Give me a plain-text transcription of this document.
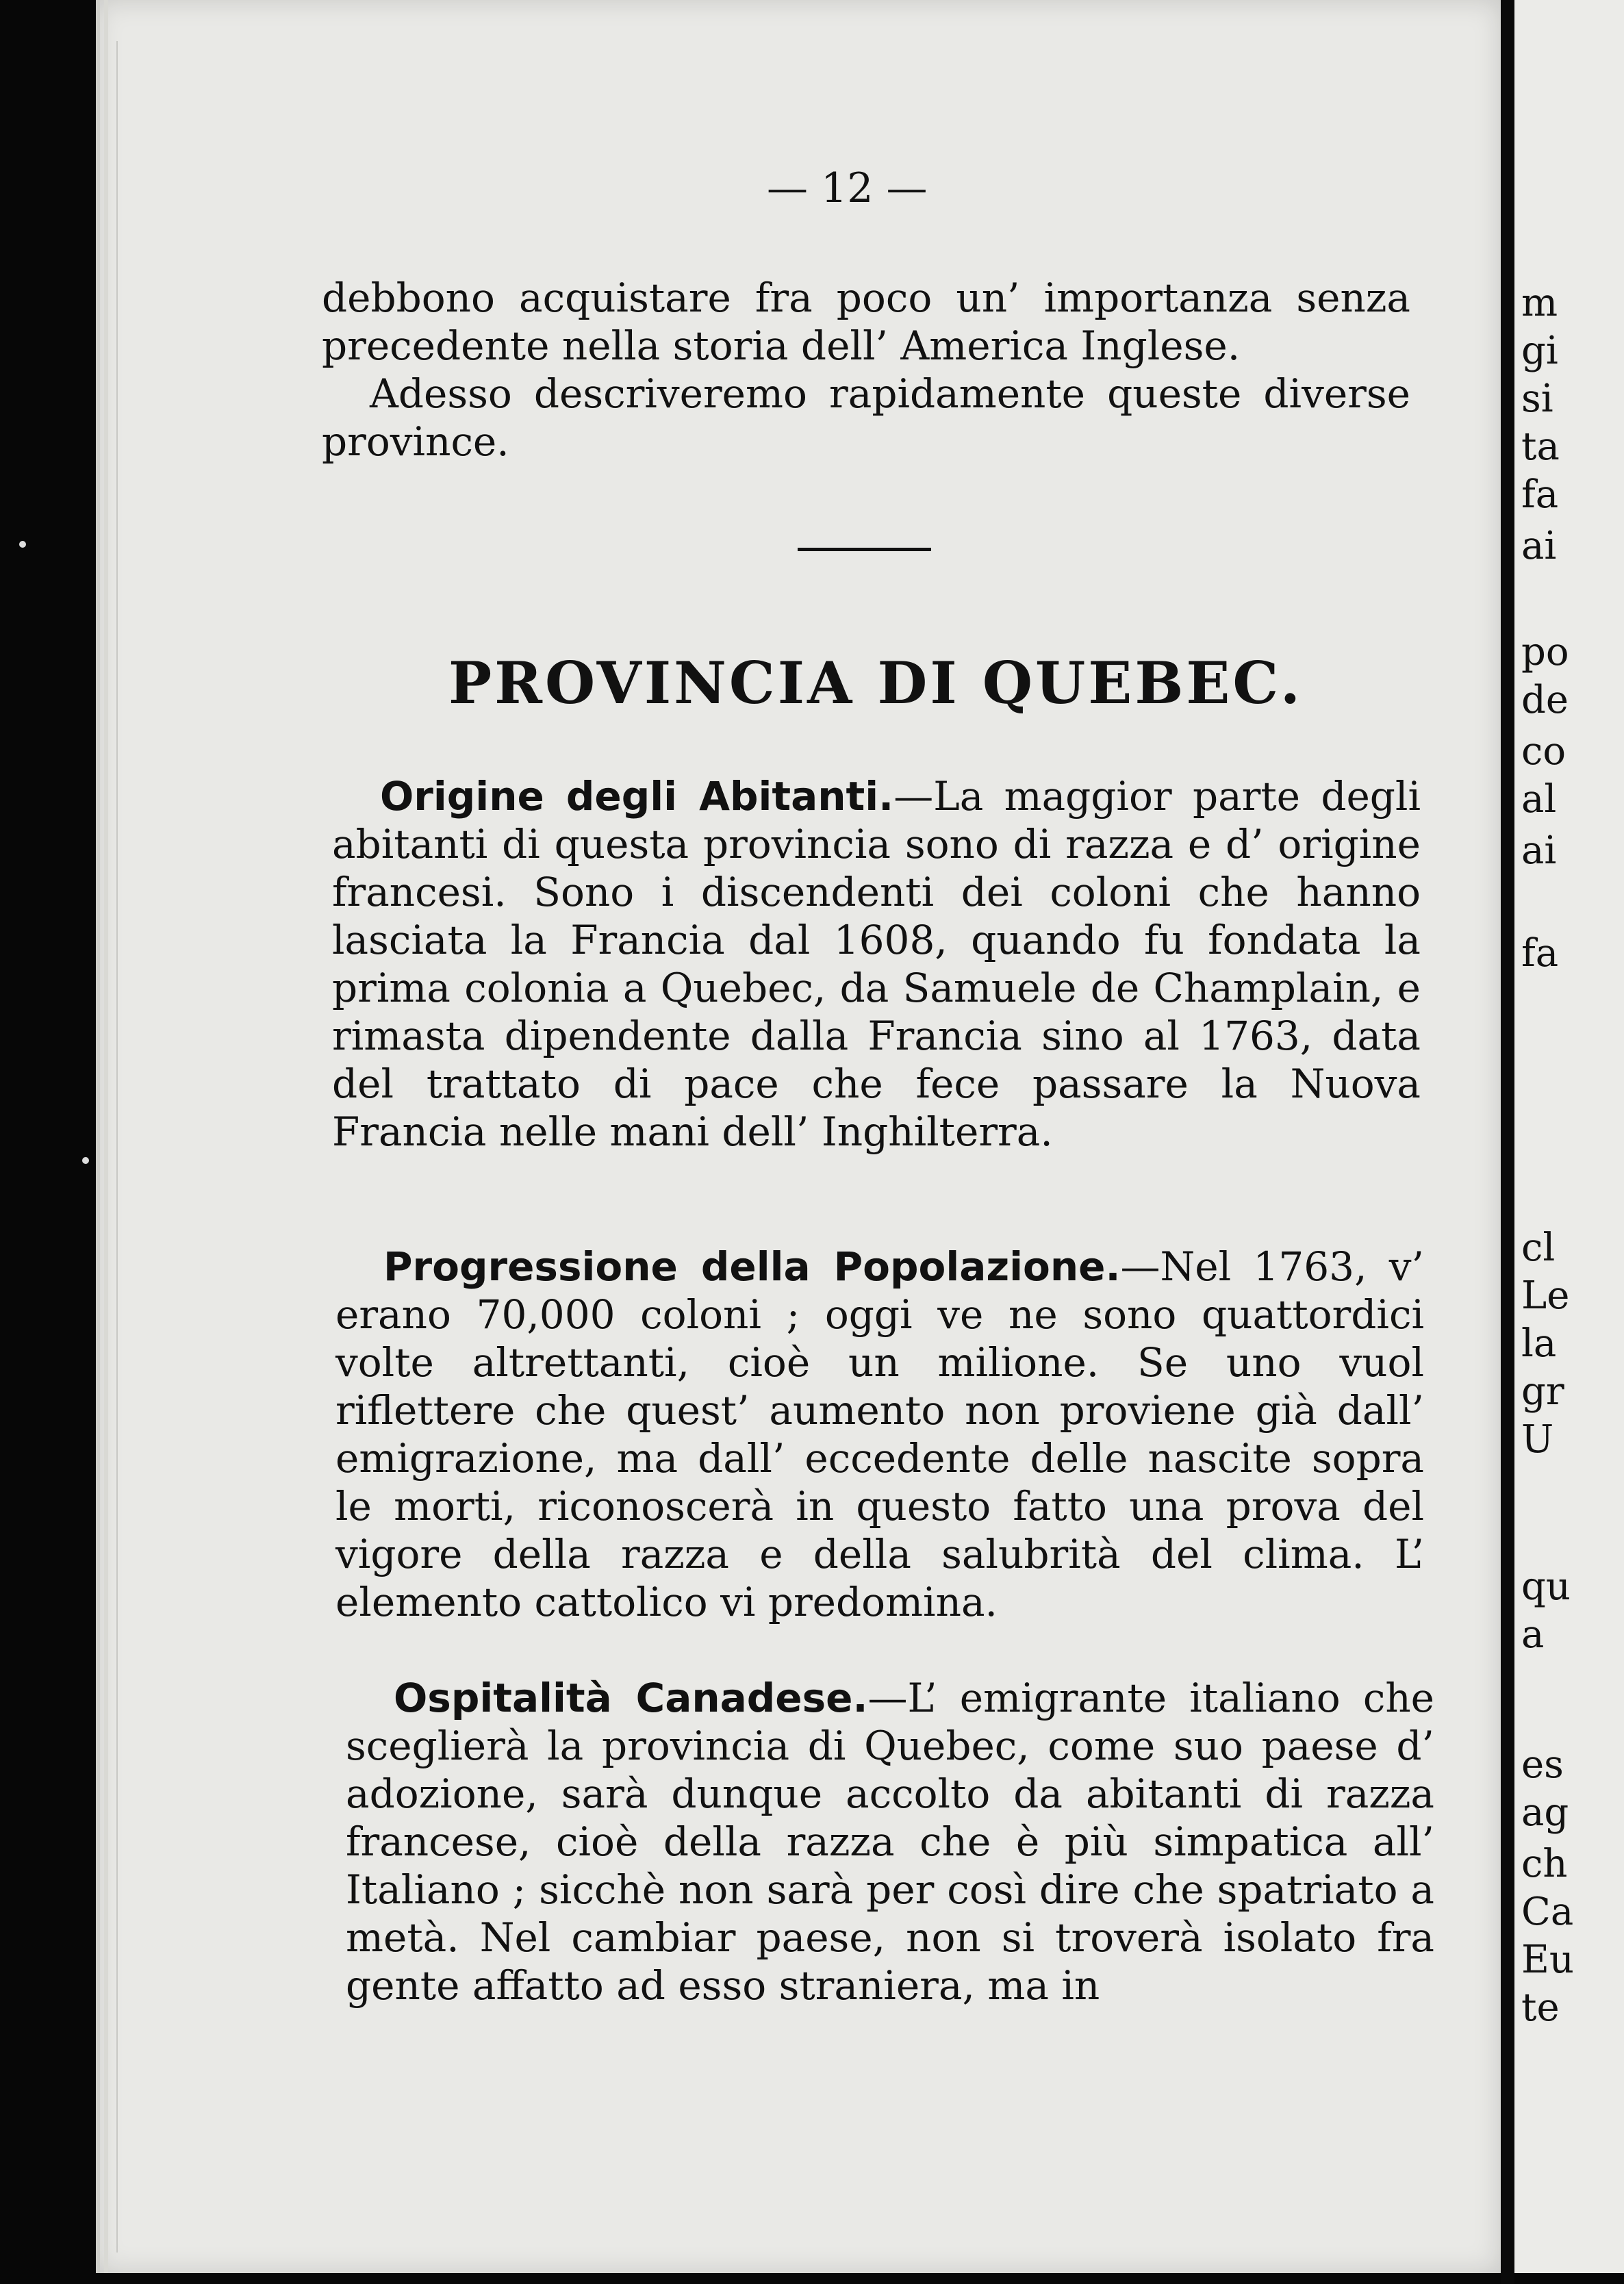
m
gi
si
ta
fa
ai
po
de
co
al
ai
fa
cl
Le
la
gr
U
qu
a
es
ag
ch
Ca
Eu
te
— 12 —
debbono acquistare fra poco un’ importanza senza precedente nella storia dell’ America Inglese.
Adesso descriveremo rapidamente queste diverse province.
PROVINCIA DI QUEBEC.
Origine degli Abitanti.—La maggior parte degli abitanti di questa provincia sono di razza e d’ origine francesi. Sono i discendenti dei coloni che hanno lasciata la Francia dal 1608, quando fu fondata la prima colonia a Quebec, da Samuele de Champlain, e rimasta dipendente dalla Francia sino al 1763, data del trattato di pace che fece passare la Nuova Francia nelle mani dell’ Inghilterra.
Progressione della Popolazione.—Nel 1763, v’ erano 70,000 coloni ; oggi ve ne sono quattordici volte altrettanti, cioè un milione. Se uno vuol riflettere che quest’ aumento non proviene già dall’ emigrazione, ma dall’ eccedente delle nascite sopra le morti, riconoscerà in questo fatto una prova del vigore della razza e della salubrità del clima. L’ elemento cattolico vi predomina.
Ospitalità Canadese.—L’ emigrante italiano che sceglierà la provincia di Quebec, come suo paese d’ adozione, sarà dunque accolto da abitanti di razza francese, cioè della razza che è più simpatica all’ Italiano ; sicchè non sarà per così dire che spatriato a metà. Nel cambiar paese, non si troverà isolato fra gente affatto ad esso straniera, ma in
